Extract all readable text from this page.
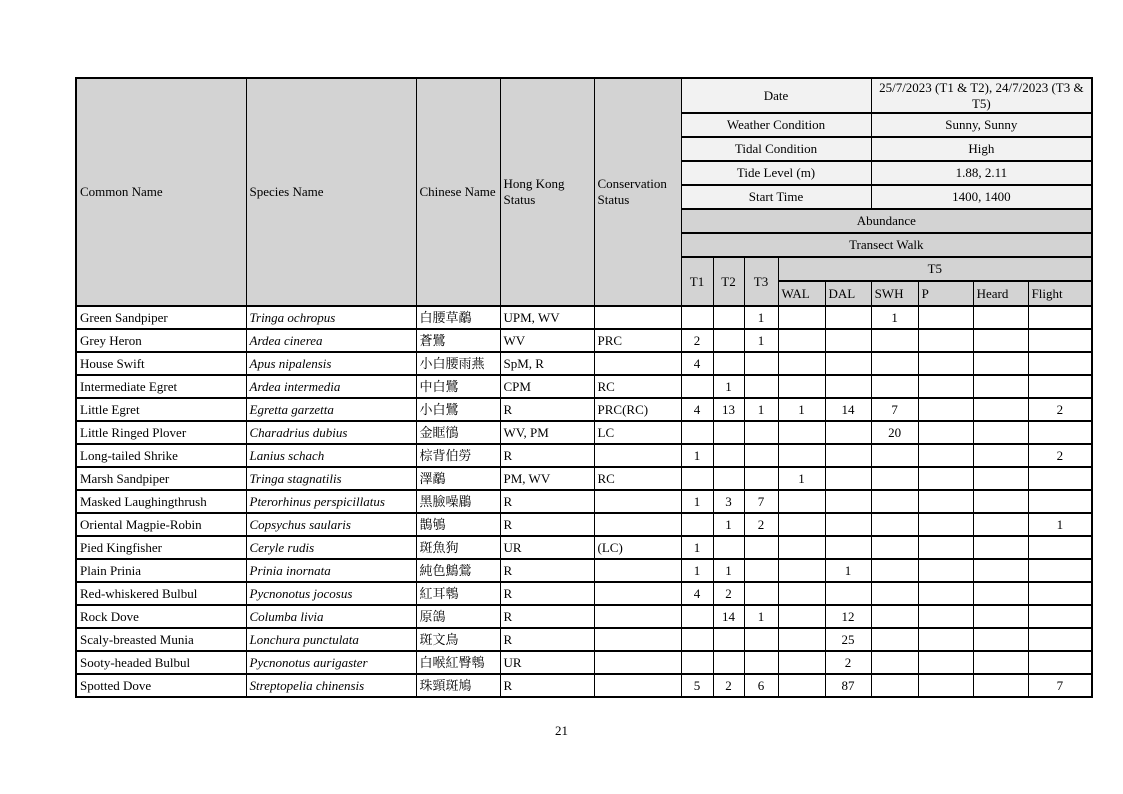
Common Name	Species Name	Chinese Name	Hong Kong Status	Conservation Status	Date					25/7/2023 (T1 & T2), 24/7/2023 (T3 & T5)			
					Weather Condition					Sunny, Sunny			
					Tidal Condition					High			
					Tide Level (m)					1.88, 2.11			
					Start Time					1400, 1400			
					Abundance								
					Transect Walk								
					T1	T2	T3	T5					
								WAL	DAL	SWH	P	Heard	Flight
Green Sandpiper	Tringa ochropus	白腰草鷸	UPM, WV				1			1			
Grey Heron	Ardea cinerea	蒼鷺	WV	PRC	2		1						
House Swift	Apus nipalensis	小白腰雨燕	SpM, R		4								
Intermediate Egret	Ardea intermedia	中白鷺	CPM	RC		1							
Little Egret	Egretta garzetta	小白鷺	R	PRC(RC)	4	13	1	1	14	7			2
Little Ringed Plover	Charadrius dubius	金眶鴴	WV, PM	LC						20			
Long-tailed Shrike	Lanius schach	棕背伯勞	R		1								2
Marsh Sandpiper	Tringa stagnatilis	澤鷸	PM, WV	RC				1					
Masked Laughingthrush	Pterorhinus perspicillatus	黑臉噪鶥	R		1	3	7						
Oriental Magpie-Robin	Copsychus saularis	鵲鴝	R			1	2						1
Pied Kingfisher	Ceryle rudis	斑魚狗	UR	(LC)	1								
Plain Prinia	Prinia inornata	純色鷦鶯	R		1	1			1				
Red-whiskered Bulbul	Pycnonotus jocosus	紅耳鵯	R		4	2							
Rock Dove	Columba livia	原鴿	R			14	1		12				
Scaly-breasted Munia	Lonchura punctulata	斑文鳥	R						25				
Sooty-headed Bulbul	Pycnonotus aurigaster	白喉紅臀鵯	UR						2				
Spotted Dove	Streptopelia chinensis	珠頸斑鳩	R		5	2	6		87				7
21
